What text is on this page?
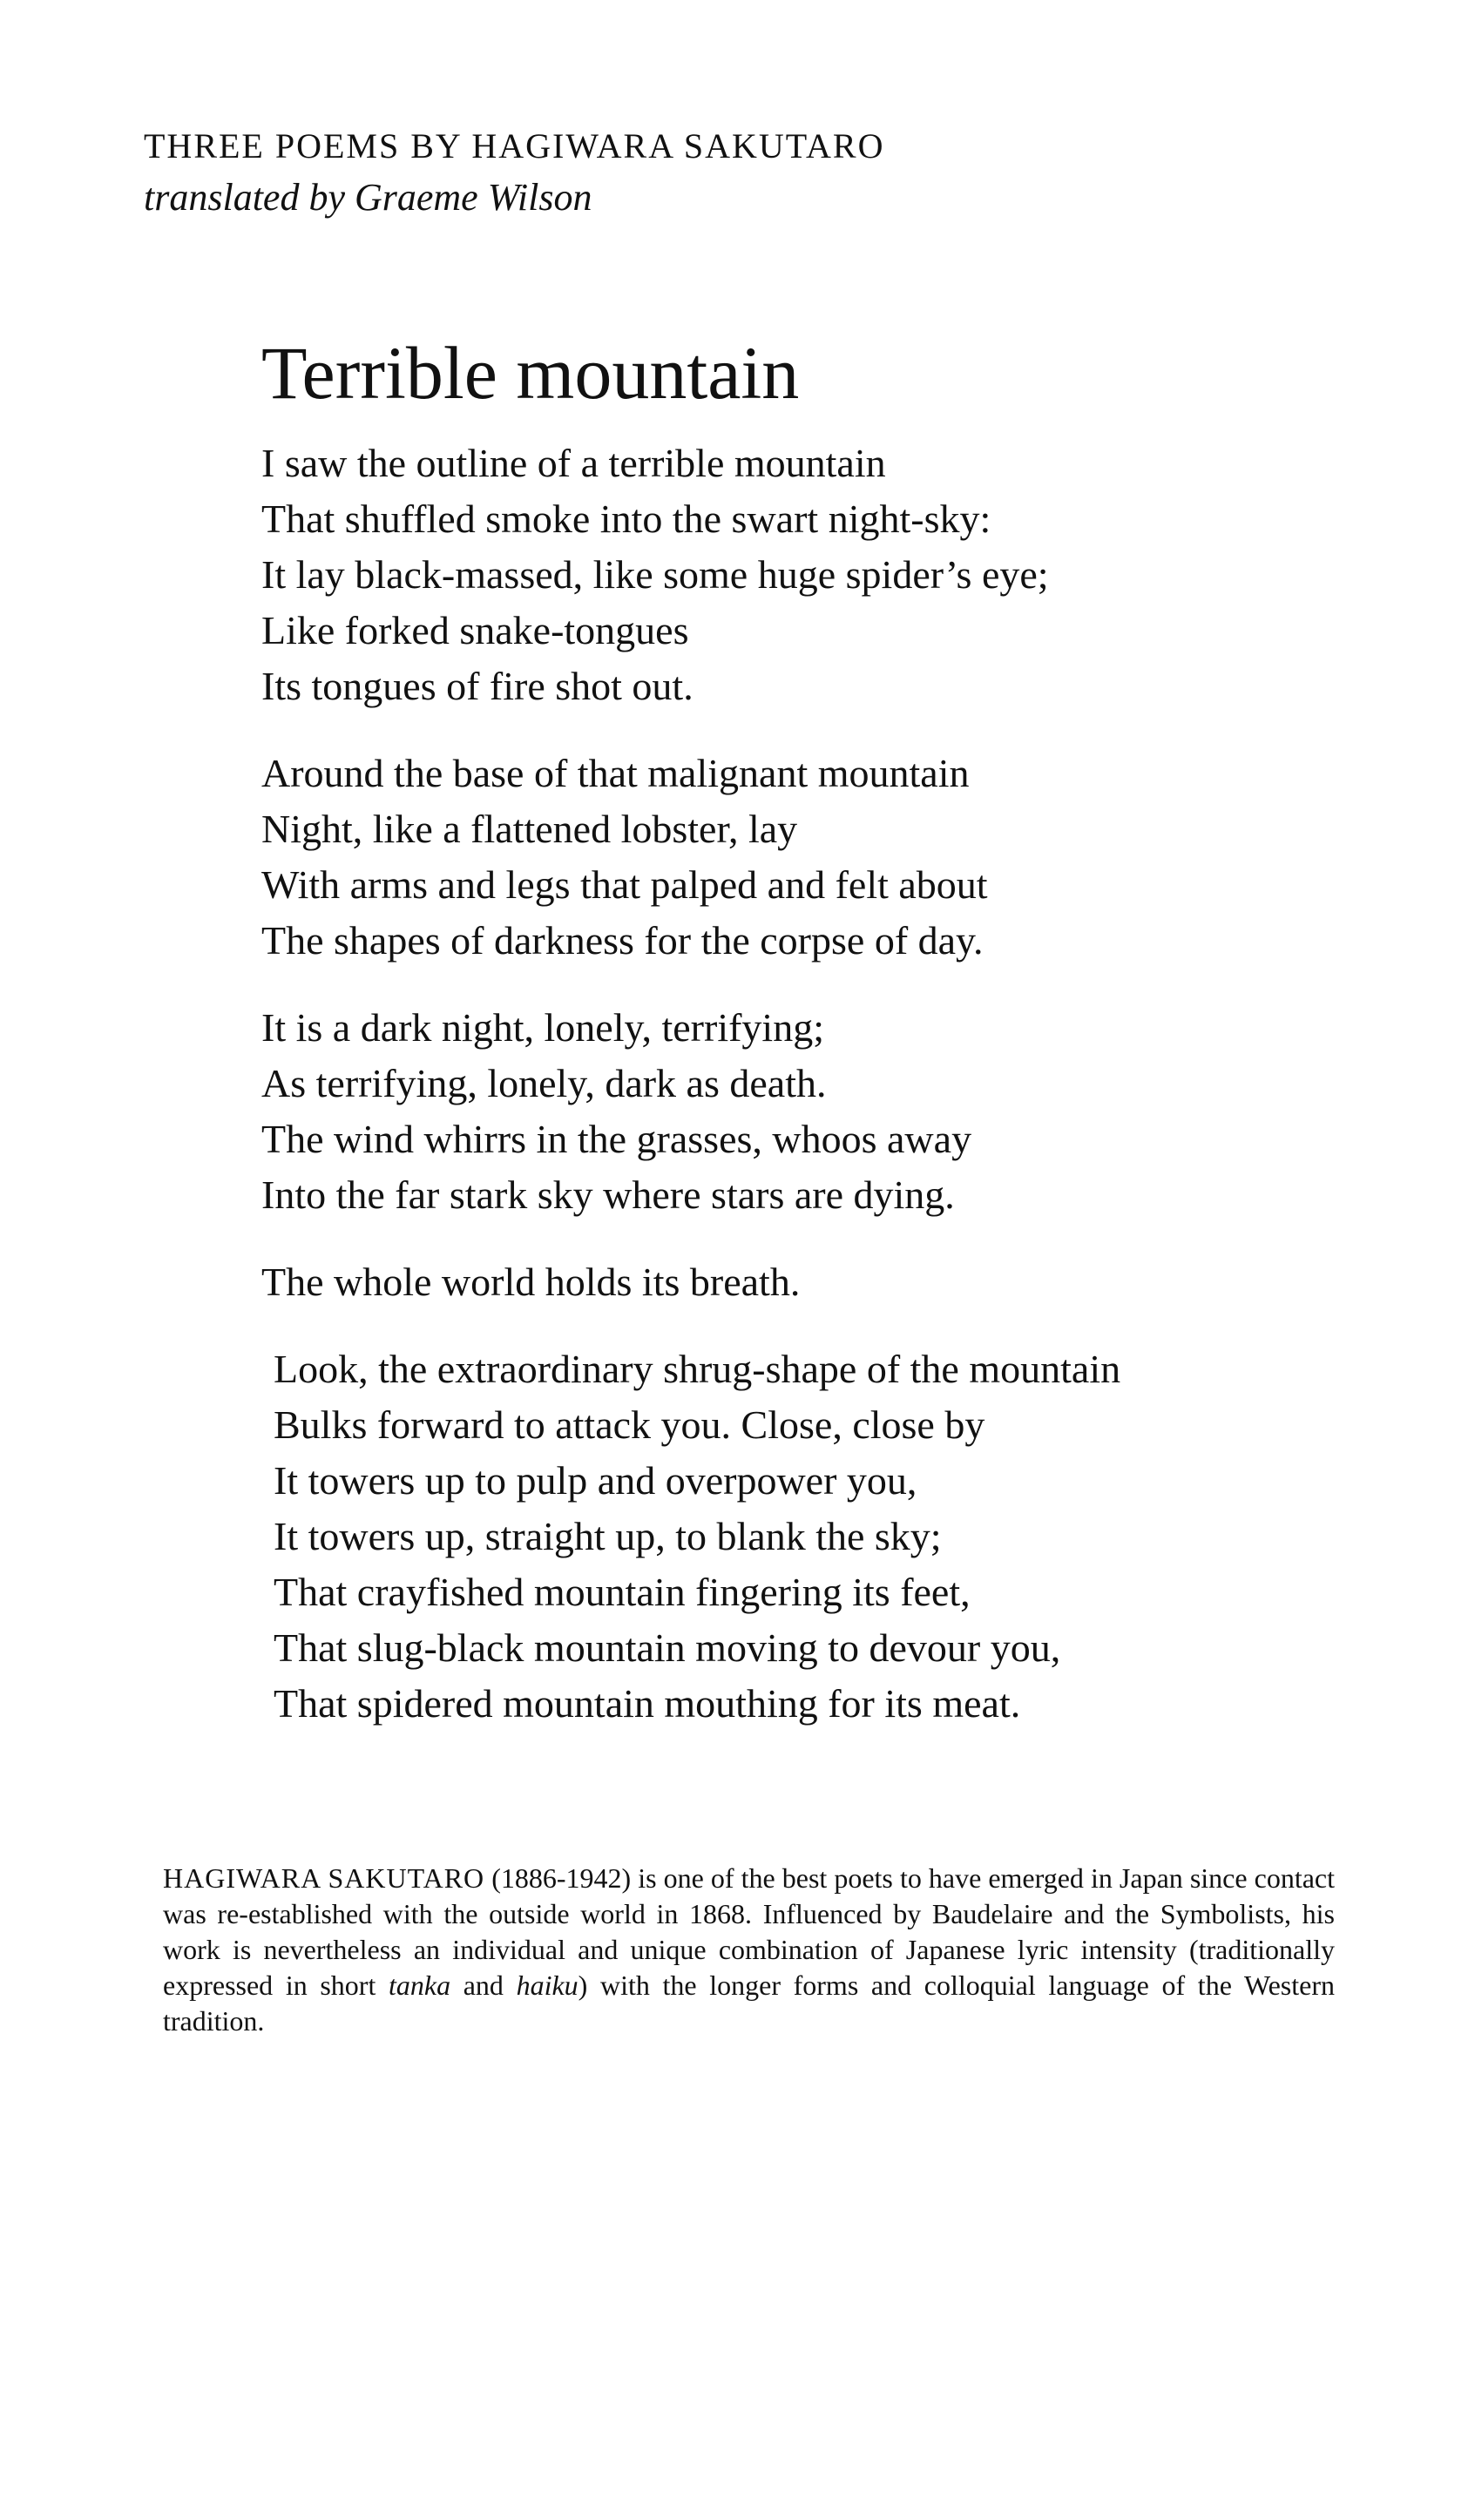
THREE POEMS BY HAGIWARA SAKUTARO
translated by Graeme Wilson
Terrible mountain
I saw the outline of a terrible mountain
That shuffled smoke into the swart night-sky:
It lay black-massed, like some huge spider’s eye;
Like forked snake-tongues
Its tongues of fire shot out.
Around the base of that malignant mountain
Night, like a flattened lobster, lay
With arms and legs that palped and felt about
The shapes of darkness for the corpse of day.
It is a dark night, lonely, terrifying;
As terrifying, lonely, dark as death.
The wind whirrs in the grasses, whoos away
Into the far stark sky where stars are dying.
The whole world holds its breath.
Look, the extraordinary shrug-shape of the mountain
Bulks forward to attack you. Close, close by
It towers up to pulp and overpower you,
It towers up, straight up, to blank the sky;
That crayfished mountain fingering its feet,
That slug-black mountain moving to devour you,
That spidered mountain mouthing for its meat.
HAGIWARA SAKUTARO (1886-1942) is one of the best poets to have emerged in Japan since contact was re-established with the outside world in 1868. Influenced by Baudelaire and the Symbolists, his work is nevertheless an individual and unique combination of Japanese lyric intensity (traditionally expressed in short tanka and haiku) with the longer forms and colloquial language of the Western tradition.
